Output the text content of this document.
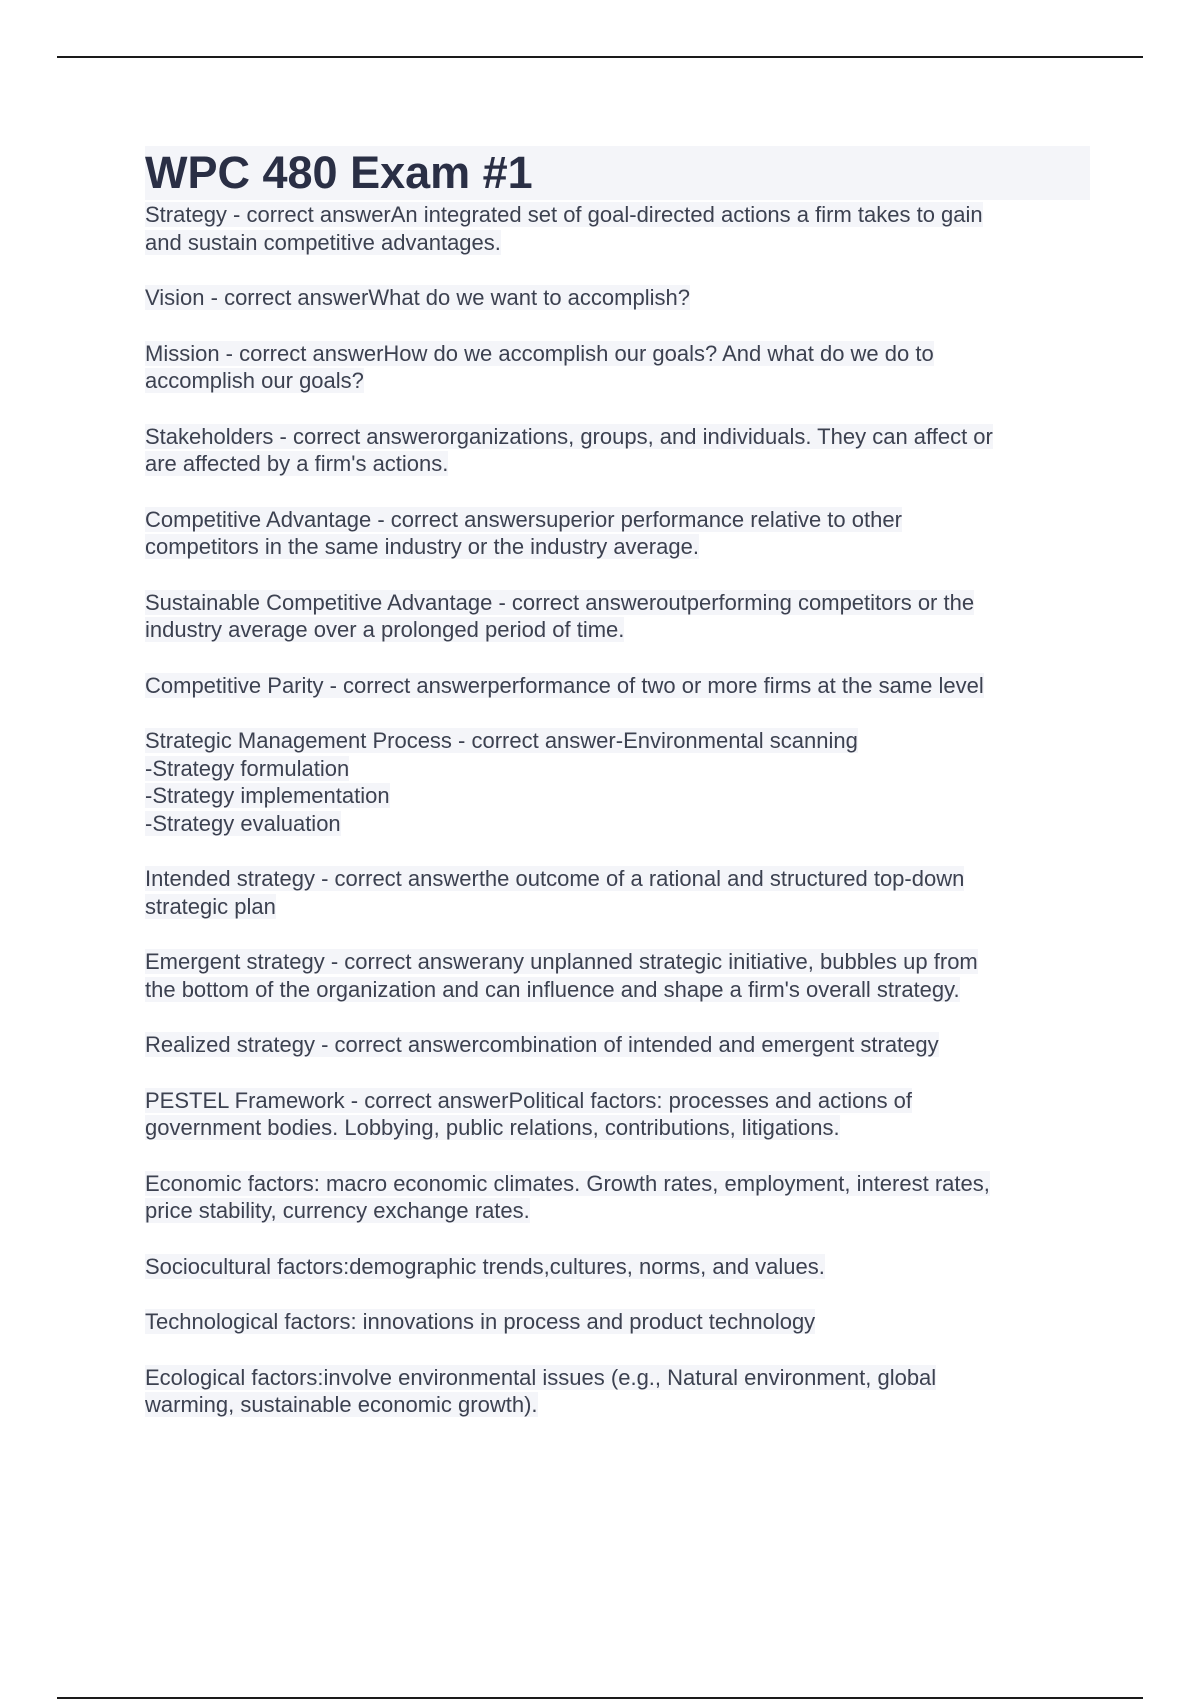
WPC 480 Exam #1
Strategy - correct answerAn integrated set of goal-directed actions a firm takes to gain
and sustain competitive advantages.
Vision - correct answerWhat do we want to accomplish?
Mission - correct answerHow do we accomplish our goals? And what do we do to
accomplish our goals?
Stakeholders - correct answerorganizations, groups, and individuals. They can affect or
are affected by a firm's actions.
Competitive Advantage - correct answersuperior performance relative to other
competitors in the same industry or the industry average.
Sustainable Competitive Advantage - correct answeroutperforming competitors or the
industry average over a prolonged period of time.
Competitive Parity - correct answerperformance of two or more firms at the same level
Strategic Management Process - correct answer-Environmental scanning
-Strategy formulation
-Strategy implementation
-Strategy evaluation
Intended strategy - correct answerthe outcome of a rational and structured top-down
strategic plan
Emergent strategy - correct answerany unplanned strategic initiative, bubbles up from
the bottom of the organization and can influence and shape a firm's overall strategy.
Realized strategy - correct answercombination of intended and emergent strategy
PESTEL Framework - correct answerPolitical factors: processes and actions of
government bodies. Lobbying, public relations, contributions, litigations.
Economic factors: macro economic climates. Growth rates, employment, interest rates,
price stability, currency exchange rates.
Sociocultural factors:demographic trends,cultures, norms, and values.
Technological factors: innovations in process and product technology
Ecological factors:involve environmental issues (e.g., Natural environment, global
warming, sustainable economic growth).
